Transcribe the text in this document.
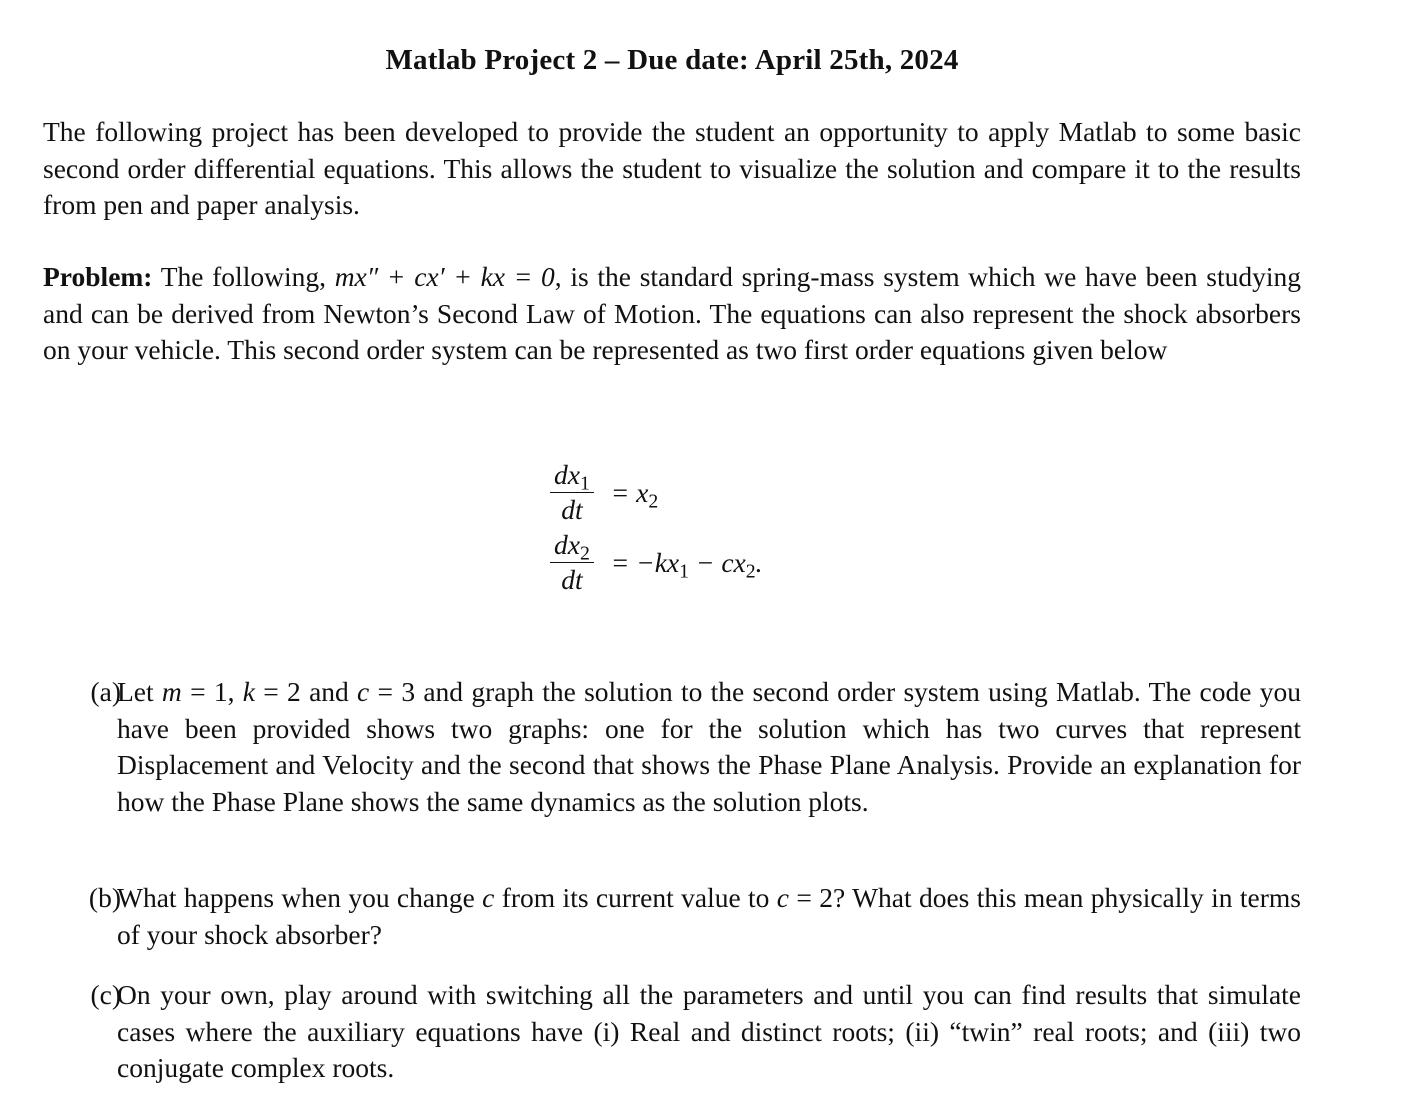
Matlab Project 2 – Due date: April 25th, 2024
The following project has been developed to provide the student an opportunity to apply Matlab to some basic second order differential equations. This allows the student to visualize the solution and compare it to the results from pen and paper analysis.
Problem: The following, mx″ + cx′ + kx = 0, is the standard spring-mass system which we have been studying and can be derived from Newton’s Second Law of Motion. The equations can also represent the shock absorbers on your vehicle. This second order system can be represented as two first order equations given below
$\frac{dx_1}{dt} = x_2$
$\frac{dx_2}{dt} = -kx_1 - cx_2$.
(a)
Let m = 1, k = 2 and c = 3 and graph the solution to the second order system using Matlab. The code you have been provided shows two graphs: one for the solution which has two curves that represent Displacement and Velocity and the second that shows the Phase Plane Analysis. Provide an explanation for how the Phase Plane shows the same dynamics as the solution plots.
(b)
What happens when you change c from its current value to c = 2? What does this mean physically in terms of your shock absorber?
(c)
On your own, play around with switching all the parameters and until you can find results that simulate cases where the auxiliary equations have (i) Real and distinct roots; (ii) “twin” real roots; and (iii) two conjugate complex roots.
